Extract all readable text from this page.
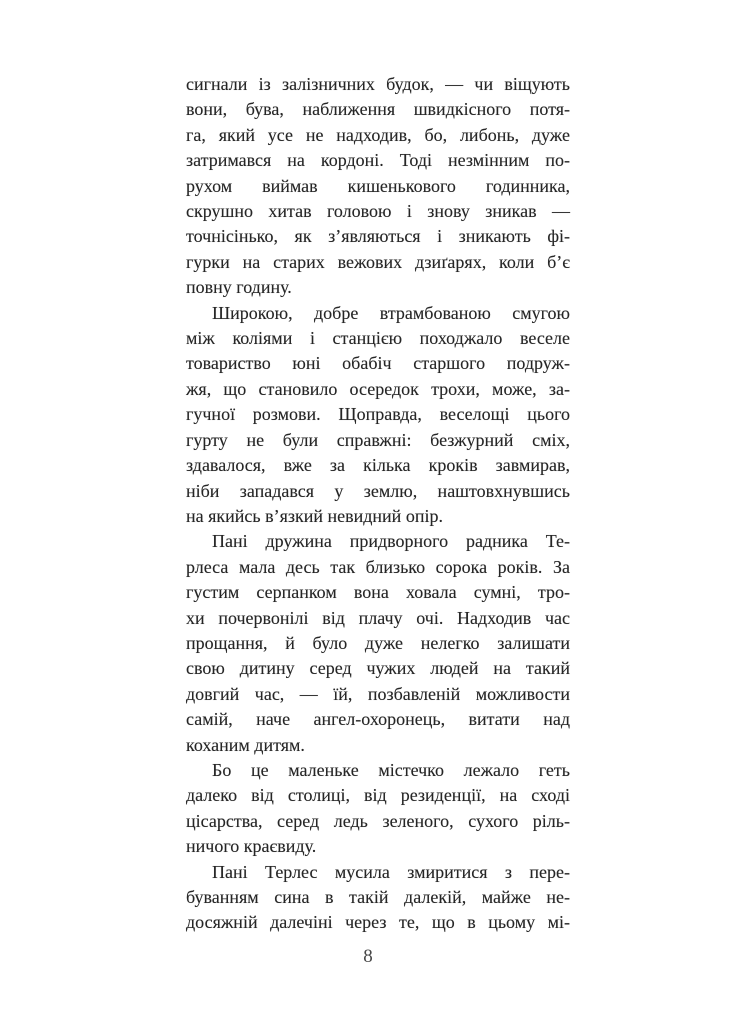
сигнали із залізничних будок, — чи віщують
вони, бува, наближення швидкісного потя-
га, який усе не надходив, бо, либонь, дуже
затримався на кордоні. Тоді незмінним по-
рухом виймав кишенькового годинника,
скрушно хитав головою і знову зникав —
точнісінько, як з’являються і зникають фі-
гурки на старих вежових дзиґарях, коли б’є
повну годину.

Широкою, добре втрамбованою смугою
між коліями і станцією походжало веселе
товариство юні обабіч старшого подруж-
жя, що становило осередок трохи, може, за-
гучної розмови. Щоправда, веселощі цього
гурту не були справжні: безжурний сміх,
здавалося, вже за кілька кроків завмирав,
ніби западався у землю, наштовхнувшись
на якийсь в’язкий невидний опір.

Пані дружина придворного радника Те-
рлеса мала десь так близько сорока років. За
густим серпанком вона ховала сумні, тро-
хи почервонілі від плачу очі. Надходив час
прощання, й було дуже нелегко залишати
свою дитину серед чужих людей на такий
довгий час, — їй, позбавленій можливости
самій, наче ангел-охоронець, витати над
коханим дитям.

Бо це маленьке містечко лежало геть
далеко від столиці, від резиденції, на сході
цісарства, серед ледь зеленого, сухого ріль-
ничого краєвиду.

Пані Терлес мусила змиритися з пере-
буванням сина в такій далекій, майже не-
досяжній далечіні через те, що в цьому мі-

8
